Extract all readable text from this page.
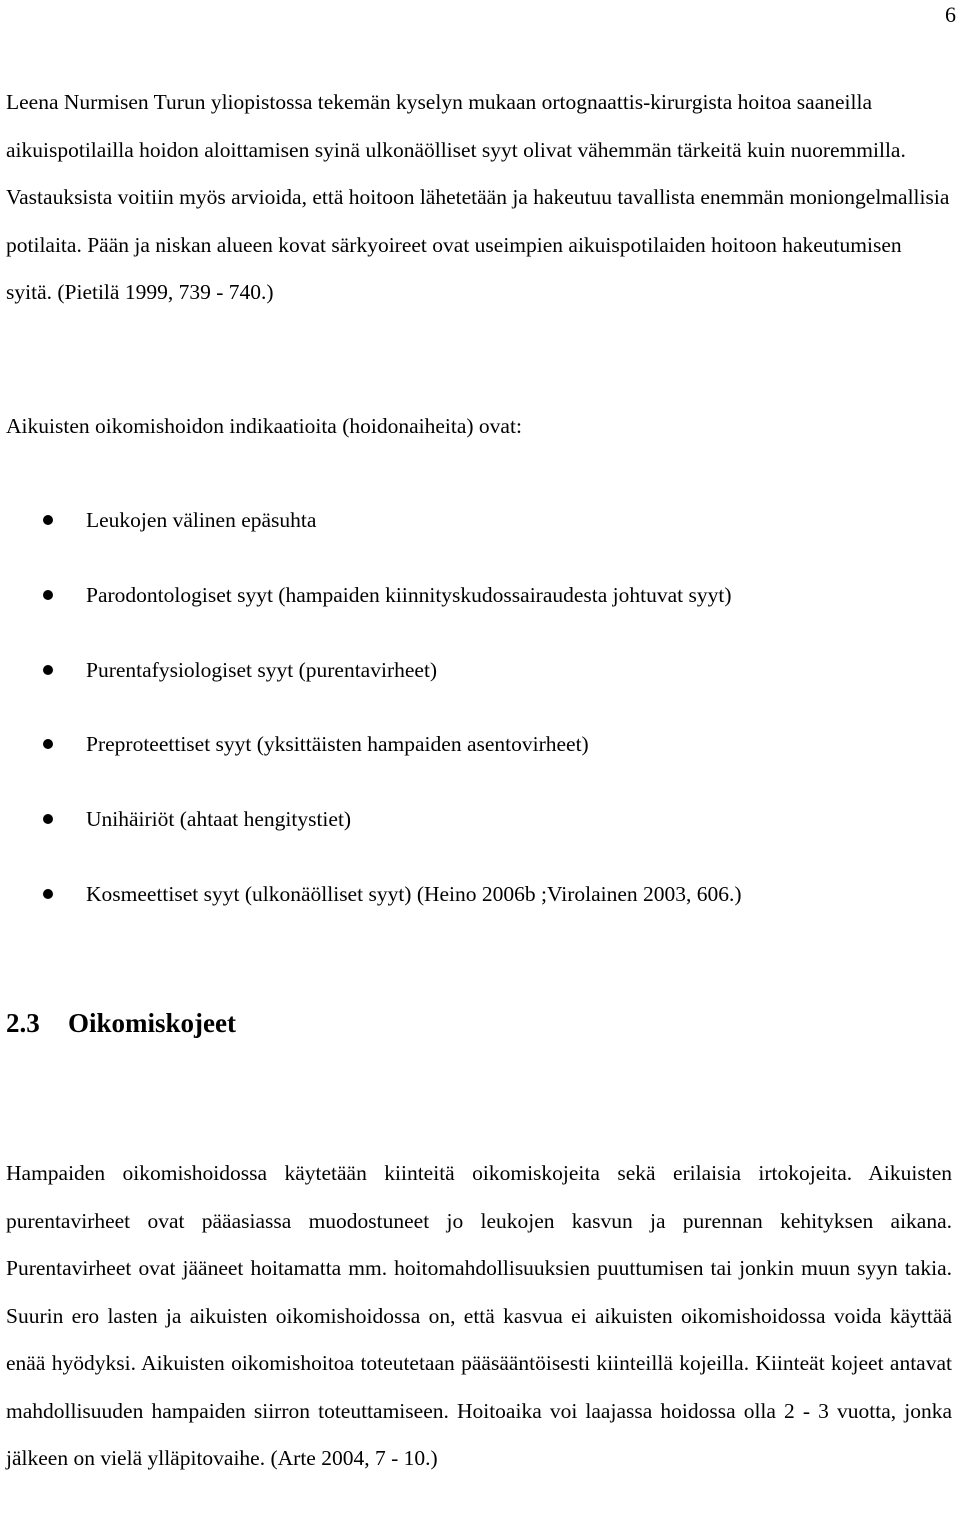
6

Leena Nurmisen Turun yliopistossa tekemän kyselyn mukaan ortognaattis-kirurgista hoitoa saaneilla aikuispotilailla hoidon aloittamisen syinä ulkonäölliset syyt olivat vähemmän tärkeitä kuin nuoremmilla. Vastauksista voitiin myös arvioida, että hoitoon lähetetään ja hakeutuu tavallista enemmän moniongelmallisia potilaita. Pään ja niskan alueen kovat särkyoireet ovat useimpien aikuispotilaiden hoitoon hakeutumisen syitä. (Pietilä 1999, 739 - 740.)

Aikuisten oikomishoidon indikaatioita (hoidonaiheita) ovat:

Leukojen välinen epäsuhta
Parodontologiset syyt (hampaiden kiinnityskudossairaudesta johtuvat syyt)
Purentafysiologiset syyt (purentavirheet)
Preproteettiset syyt (yksittäisten hampaiden asentovirheet)
Unihäiriöt (ahtaat hengitystiet)
Kosmeettiset syyt (ulkonäölliset syyt) (Heino 2006b ;Virolainen 2003, 606.)
2.3 Oikomiskojeet

Hampaiden oikomishoidossa käytetään kiinteitä oikomiskojeita sekä erilaisia irtokojeita. Aikuisten purentavirheet ovat pääasiassa muodostuneet jo leukojen kasvun ja purennan kehityksen aikana. Purentavirheet ovat jääneet hoitamatta mm. hoitomahdollisuuksien puuttumisen tai jonkin muun syyn takia. Suurin ero lasten ja aikuisten oikomishoidossa on, että kasvua ei aikuisten oikomishoidossa voida käyttää enää hyödyksi. Aikuisten oikomishoitoa toteutetaan pääsääntöisesti kiinteillä kojeilla. Kiinteät kojeet antavat mahdollisuuden hampaiden siirron toteuttamiseen. Hoitoaika voi laajassa hoidossa olla 2 - 3 vuotta, jonka jälkeen on vielä ylläpitovaihe. (Arte 2004, 7 - 10.)
